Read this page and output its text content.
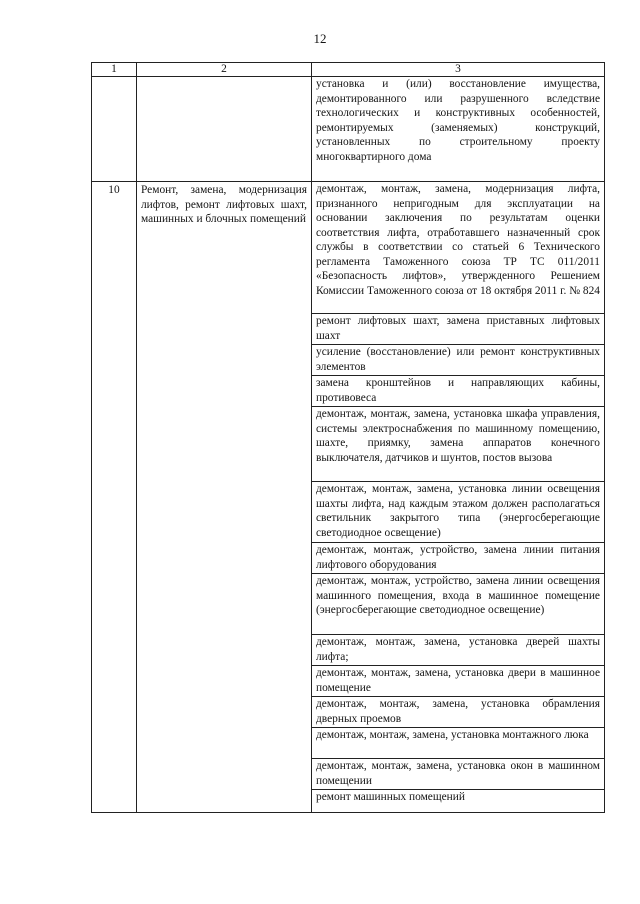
12
1	2	3
		установка и (или) восстановление имущества, демонтированного или разрушенного вследствие технологических и конструктивных особенностей, ремонтируемых (заменяемых) конструкций, установленных по строительному проекту многоквартирного дома
10	Ремонт, замена, модернизация лифтов, ремонт лифтовых шахт, машинных и блочных помещений	демонтаж, монтаж, замена, модернизация лифта, признанного непригодным для эксплуатации на основании заключения по результатам оценки соответствия лифта, отработавшего назначенный срок службы в соответствии со статьей 6 Технического регламента Таможенного союза ТР ТС 011/2011 «Безопасность лифтов», утвержденного Решением Комиссии Таможенного союза от 18 октября 2011 г. № 824
		ремонт лифтовых шахт, замена приставных лифтовых шахт
		усиление (восстановление) или ремонт конструктивных элементов
		замена кронштейнов и направляющих кабины, противовеса
		демонтаж, монтаж, замена, установка шкафа управления, системы электроснабжения по машинному помещению, шахте, приямку, замена аппаратов конечного выключателя, датчиков и шунтов, постов вызова
		демонтаж, монтаж, замена, установка линии освещения шахты лифта, над каждым этажом должен располагаться светильник закрытого типа (энергосберегающие светодиодное освещение)
		демонтаж, монтаж, устройство, замена линии питания лифтового оборудования
		демонтаж, монтаж, устройство, замена линии освещения машинного помещения, входа в машинное помещение (энергосберегающие светодиодное освещение)
		демонтаж, монтаж, замена, установка дверей шахты лифта;
		демонтаж, монтаж, замена, установка двери в машинное помещение
		демонтаж, монтаж, замена, установка обрамления дверных проемов
		демонтаж, монтаж, замена, установка монтажного люка
		демонтаж, монтаж, замена, установка окон в машинном помещении
		ремонт машинных помещений
